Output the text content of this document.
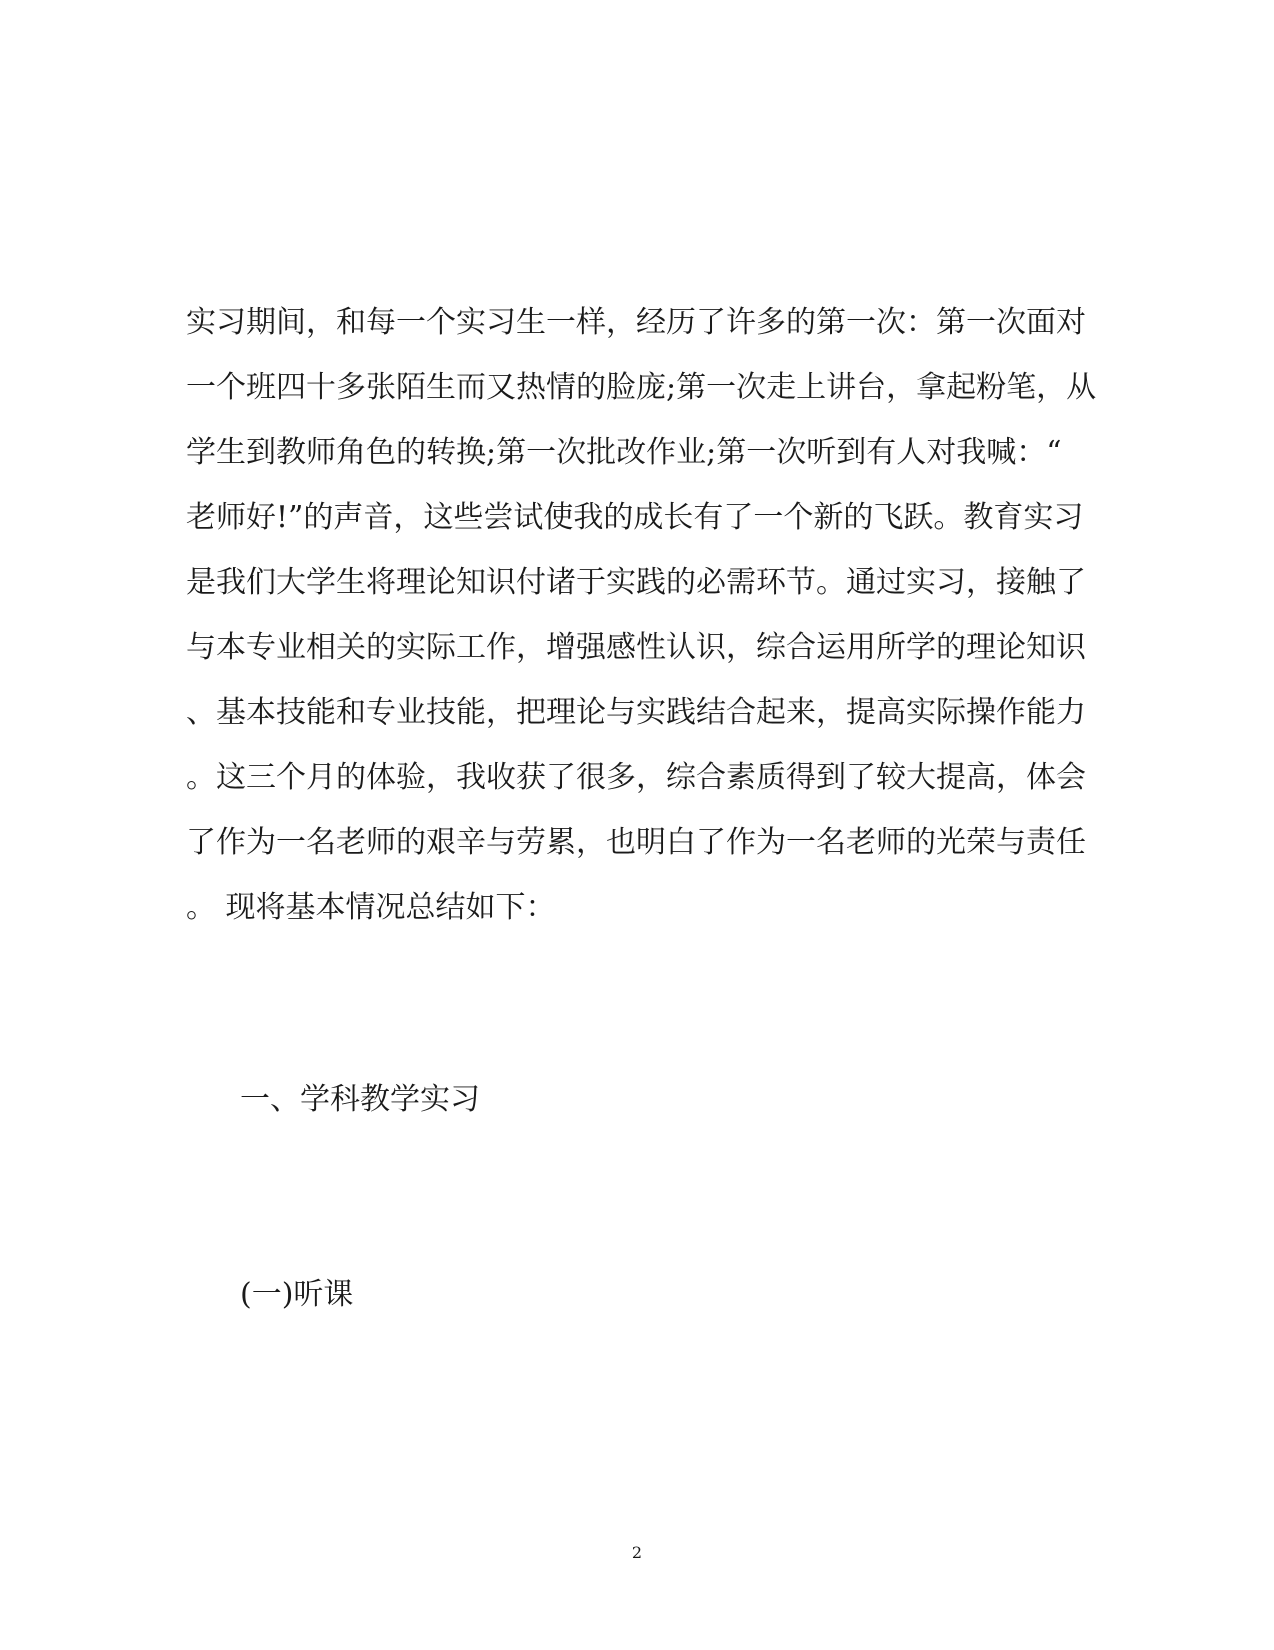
实习期间，和每一个实习生一样，经历了许多的第一次：第一次面对
一个班四十多张陌生而又热情的脸庞;第一次走上讲台，拿起粉笔，从
学生到教师角色的转换;第一次批改作业;第一次听到有人对我喊：“
老师好!”的声音，这些尝试使我的成长有了一个新的飞跃。教育实习
是我们大学生将理论知识付诸于实践的必需环节。通过实习，接触了
与本专业相关的实际工作，增强感性认识，综合运用所学的理论知识
、基本技能和专业技能，把理论与实践结合起来，提高实际操作能力
。这三个月的体验，我收获了很多，综合素质得到了较大提高，体会
了作为一名老师的艰辛与劳累，也明白了作为一名老师的光荣与责任
。 现将基本情况总结如下：
一、学科教学实习
(一)听课
2
